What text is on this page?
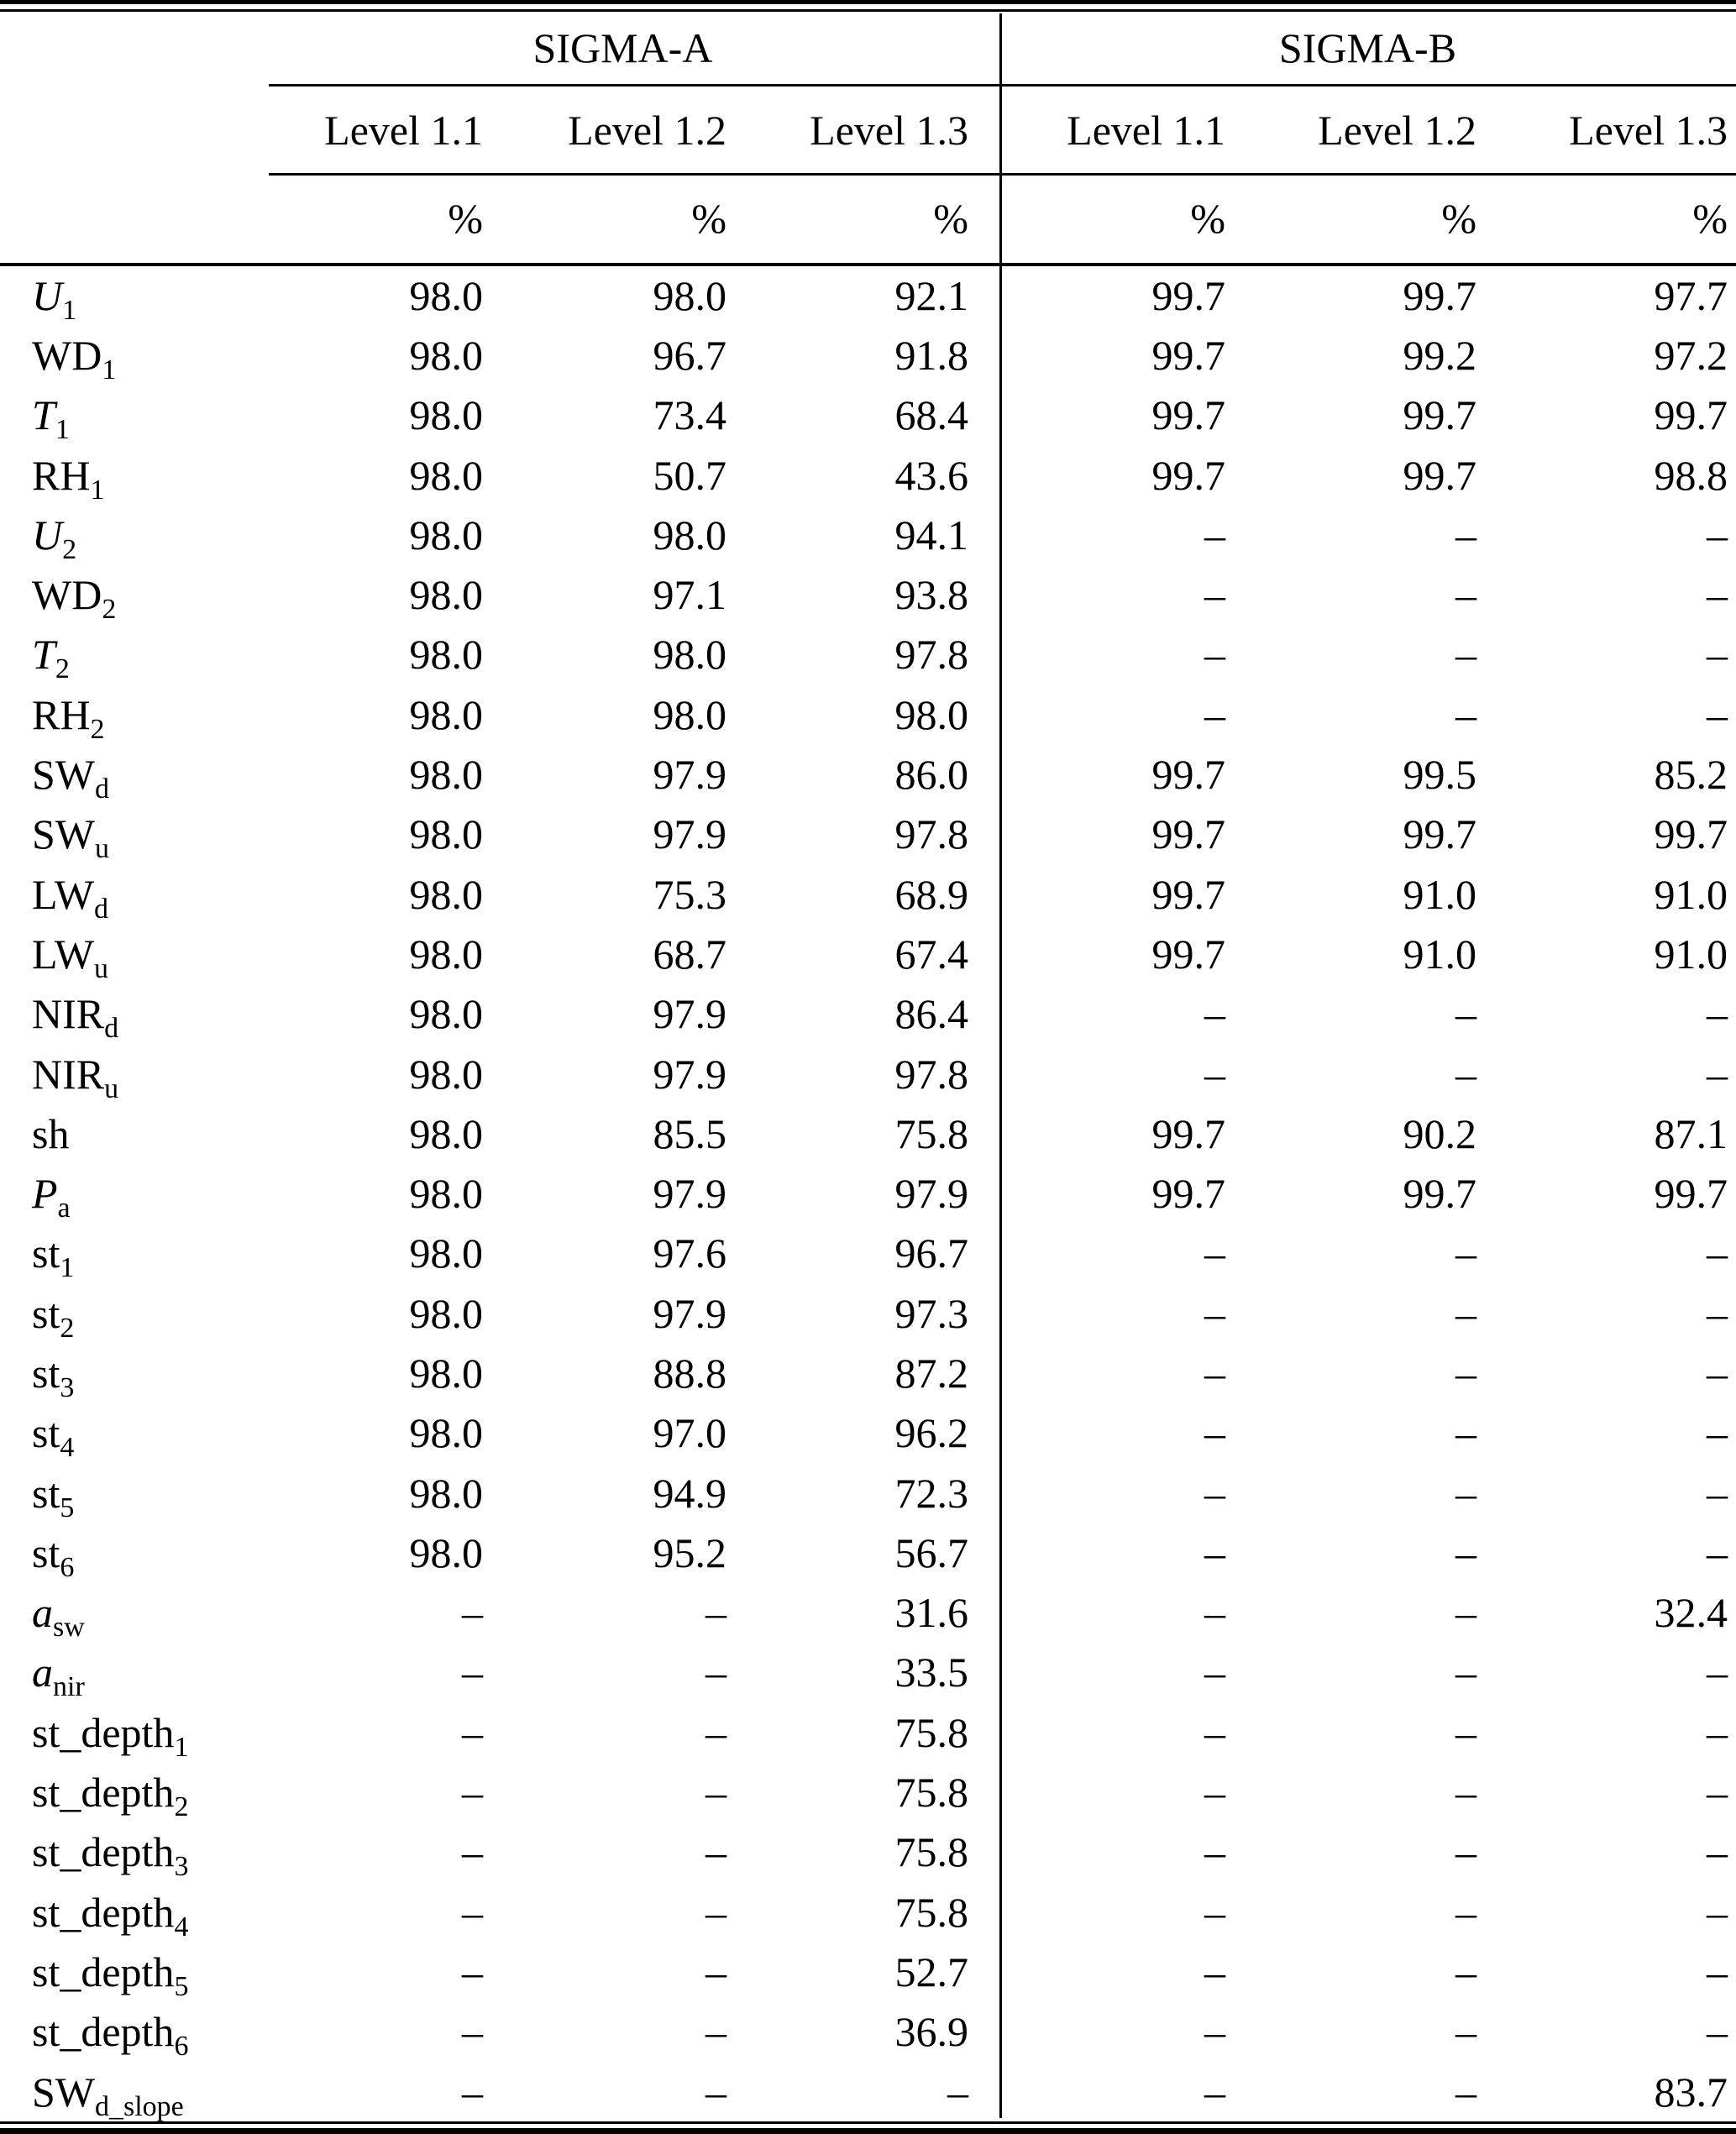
SIGMA-A	SIGMA-B
Level 1.1	Level 1.2	Level 1.3	Level 1.1	Level 1.2	Level 1.3
%	%	%	%	%	%
$U_1$	98.0	98.0	92.1	99.7	99.7	97.7
$WD_1$	98.0	96.7	91.8	99.7	99.2	97.2
$T_1$	98.0	73.4	68.4	99.7	99.7	99.7
$RH_1$	98.0	50.7	43.6	99.7	99.7	98.8
$U_2$	98.0	98.0	94.1	–	–	–
$WD_2$	98.0	97.1	93.8	–	–	–
$T_2$	98.0	98.0	97.8	–	–	–
$RH_2$	98.0	98.0	98.0	–	–	–
$SW_d$	98.0	97.9	86.0	99.7	99.5	85.2
$SW_u$	98.0	97.9	97.8	99.7	99.7	99.7
$LW_d$	98.0	75.3	68.9	99.7	91.0	91.0
$LW_u$	98.0	68.7	67.4	99.7	91.0	91.0
$NIR_d$	98.0	97.9	86.4	–	–	–
$NIR_u$	98.0	97.9	97.8	–	–	–
sh	98.0	85.5	75.8	99.7	90.2	87.1
$P_a$	98.0	97.9	97.9	99.7	99.7	99.7
$st_1$	98.0	97.6	96.7	–	–	–
$st_2$	98.0	97.9	97.3	–	–	–
$st_3$	98.0	88.8	87.2	–	–	–
$st_4$	98.0	97.0	96.2	–	–	–
$st_5$	98.0	94.9	72.3	–	–	–
$st_6$	98.0	95.2	56.7	–	–	–
$a_{sw}$	–	–	31.6	–	–	32.4
$a_{nir}$	–	–	33.5	–	–	–
st_depth$_1$	–	–	75.8	–	–	–
st_depth$_2$	–	–	75.8	–	–	–
st_depth$_3$	–	–	75.8	–	–	–
st_depth$_4$	–	–	75.8	–	–	–
st_depth$_5$	–	–	52.7	–	–	–
st_depth$_6$	–	–	36.9	–	–	–
$SW_{d\_slope}$	–	–	–	–	–	83.7
